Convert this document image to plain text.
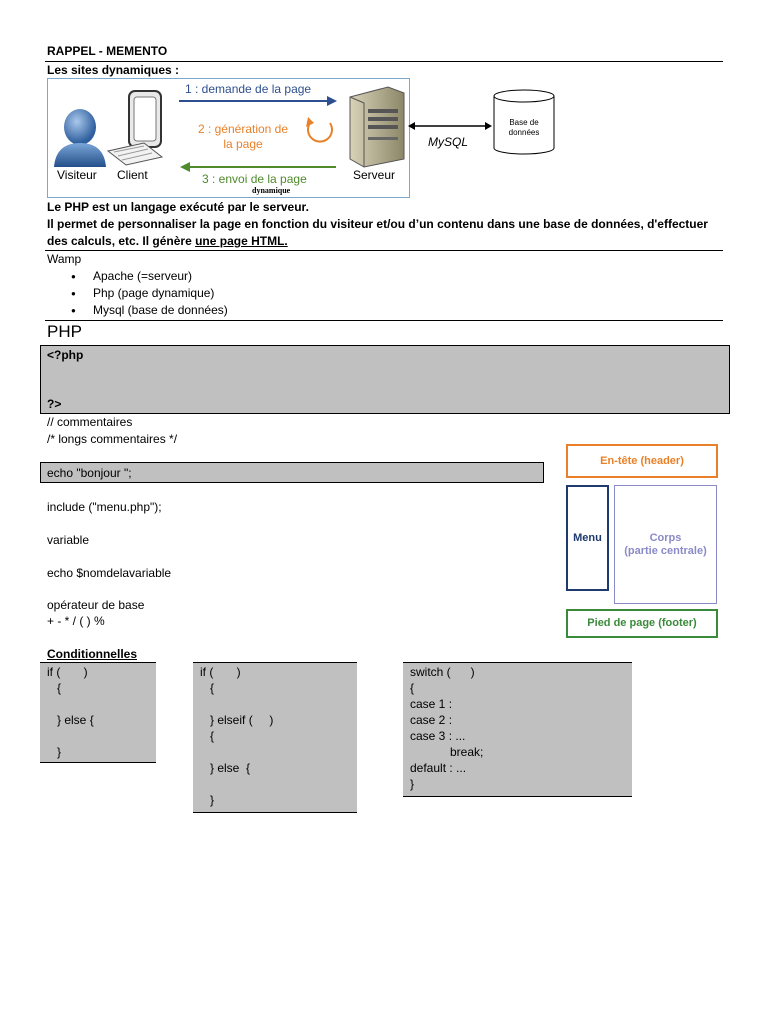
RAPPEL - MEMENTO
Les sites dynamiques :
1 : demande de la page
2 : génération de
la page
3 : envoi de la page
dynamique
Visiteur Client	Serveur
MySQL
Base de
données
Le PHP est un langage exécuté par le serveur.
Il permet de personnaliser la page en fonction du visiteur et/ou d’un contenu dans une base de données, d'effectuer
des calculs, etc. Il génère une page HTML.
Wamp
● Apache (=serveur)
● Php (page dynamique)
● Mysql (base de données)
PHP
<?php
?>
// commentaires
/* longs commentaires */
echo "bonjour ";
include ("menu.php");
variable
echo $nomdelavariable
opérateur de base
+ - * / ( ) %
En-tête (header)
Menu	Corps
(partie centrale)
Pied de page (footer)
Conditionnelles
if (       )
{
} else {
}
if (       )
{
} elseif (     )
{
} else  {
}
switch (      )
{
case 1 :
case 2 :
case 3 : ...
break;
default : ...
}
